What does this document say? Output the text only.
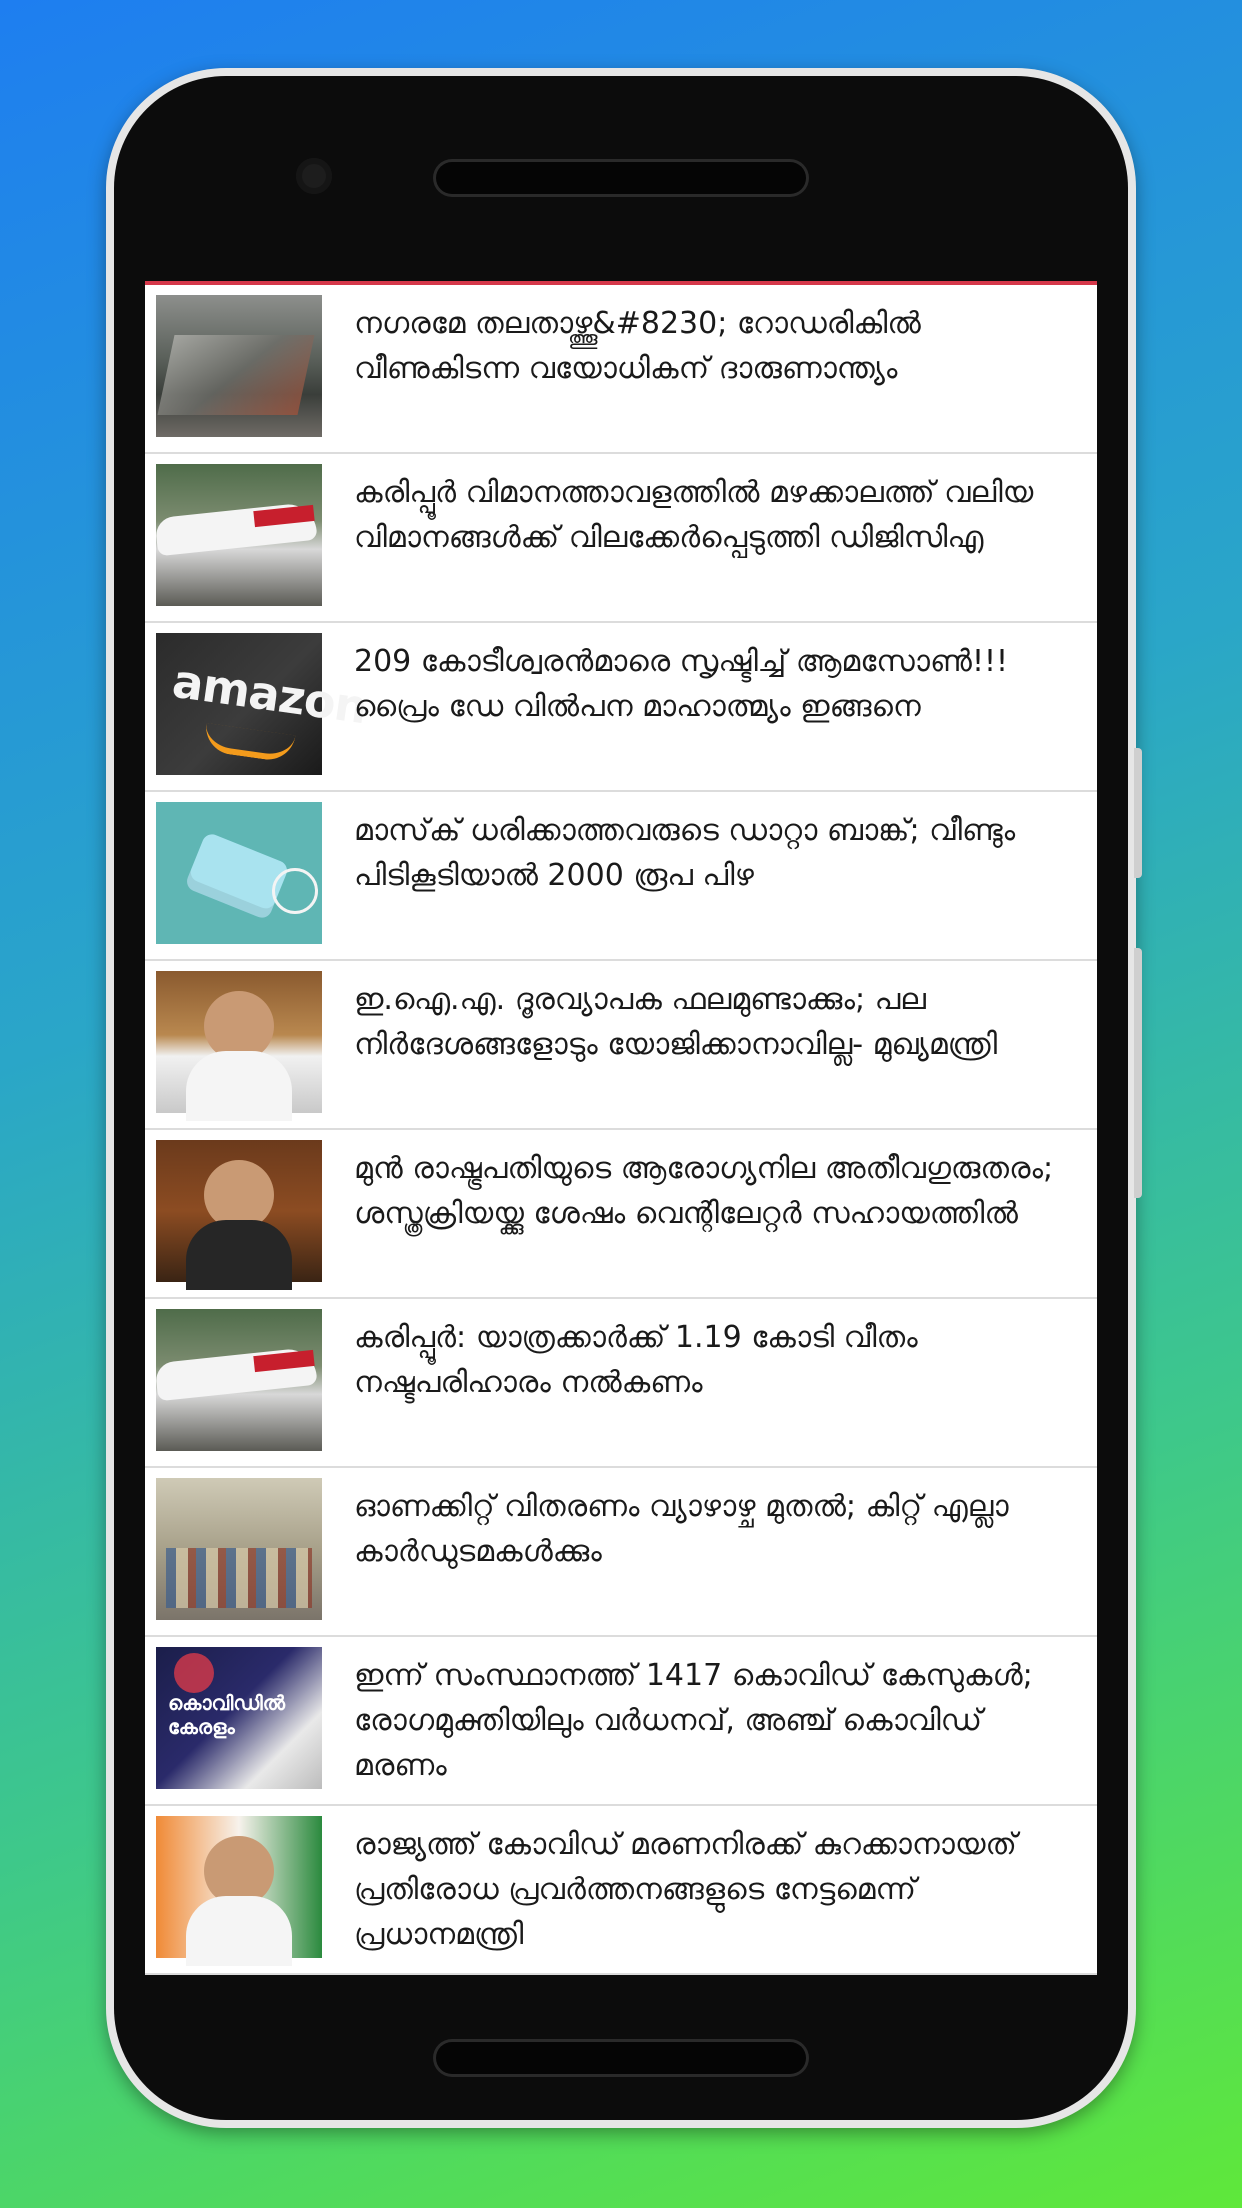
നഗരമേ തലതാഴ്ത്തൂ&#8230; റോഡരികില്‍ വീണുകിടന്ന വയോധികന് ദാരുണാന്ത്യം
കരിപ്പൂര്‍ വിമാനത്താവളത്തില്‍ മഴക്കാലത്ത് വലിയ വിമാനങ്ങള്‍ക്ക് വിലക്കേര്‍പ്പെടുത്തി ഡിജിസിഎ
amazon
209 കോടീശ്വരന്‍മാരെ സൃഷ്ടിച്ച് ആമസോണ്‍!!! പ്രൈം ഡേ വില്‍പന മാഹാത്മ്യം ഇങ്ങനെ
മാസ്‌ക് ധരിക്കാത്തവരുടെ ഡാറ്റാ ബാങ്ക്; വീണ്ടും പിടികൂടിയാല്‍ 2000 രൂപ പിഴ
ഇ.ഐ.എ. ദൂരവ്യാപക ഫലമുണ്ടാക്കും; പല നിര്‍ദേശങ്ങളോടും യോജിക്കാനാവില്ല- മുഖ്യമന്ത്രി
മുന്‍ രാഷ്ട്രപതിയുടെ ആരോഗ്യനില അതീവഗുരുതരം; ശസ്ത്രക്രിയയ്ക്കു ശേഷം വെന്റിലേറ്റര്‍ സഹായത്തില്‍
കരിപ്പൂര്‍: യാത്രക്കാര്‍ക്ക് 1.19 കോടി വീതം നഷ്ടപരിഹാരം നല്‍കണം
ഓണക്കിറ്റ് വിതരണം വ്യാഴാഴ്ച മുതല്‍; കിറ്റ് എല്ലാ കാര്‍ഡുടമകള്‍ക്കും
കൊവിഡില്‍ കേരളം
ഇന്ന് സംസ്ഥാനത്ത് 1417 കൊവിഡ് കേസുകള്‍; രോഗമുക്തിയിലും വര്‍ധനവ്, അഞ്ച് കൊവിഡ് മരണം
രാജ്യത്ത് കോവിഡ് മരണനിരക്ക് കുറക്കാനായത് പ്രതിരോധ പ്രവര്‍ത്തനങ്ങളുടെ നേട്ടമെന്ന് പ്രധാനമന്ത്രി
